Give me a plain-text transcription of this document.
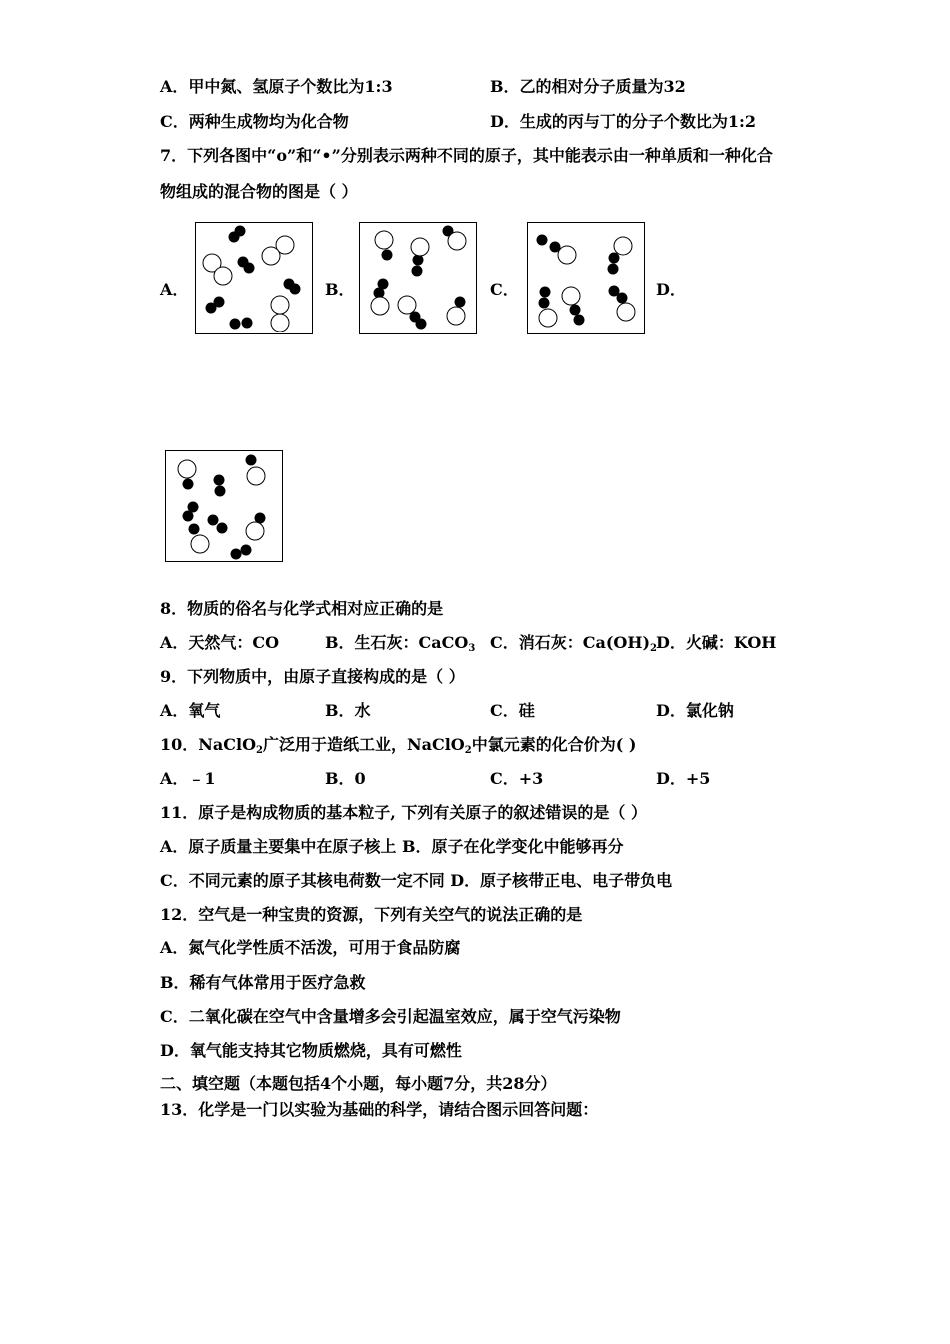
A．甲中氮、氢原子个数比为1:3	B．乙的相对分子质量为32
C．两种生成物均为化合物	D．生成的丙与丁的分子个数比为1:2
7．下列各图中“o”和“•”分别表示两种不同的原子，其中能表示由一种单质和一种化合
物组成的混合物的图是（ ）
A．	B．	C．	D．
8．物质的俗名与化学式相对应正确的是
A．天然气：CO	B．生石灰：CaCO$_3$ C．消石灰：$Ca(OH)_2$
D．火碱：KOH
9．下列物质中，由原子直接构成的是（ ）
A．氧气	B．水	C．硅	D．氯化钠
10．NaClO$_2$广泛用于造纸工业，NaClO$_2$中氯元素的化合价为( )
A．﹣1	B．0	C．+3	D．+5
11．原子是构成物质的基本粒子, 下列有关原子的叙述错误的是（ ）
A．原子质量主要集中在原子核上 B．原子在化学变化中能够再分
C．不同元素的原子其核电荷数一定不同 D．原子核带正电、电子带负电
12．空气是一种宝贵的资源，下列有关空气的说法正确的是
A．氮气化学性质不活泼，可用于食品防腐
B．稀有气体常用于医疗急救
C．二氧化碳在空气中含量增多会引起温室效应，属于空气污染物
D．氧气能支持其它物质燃烧，具有可燃性
二、填空题（本题包括4个小题，每小题7分，共28分）
13．化学是一门以实验为基础的科学，请结合图示回答问题：
